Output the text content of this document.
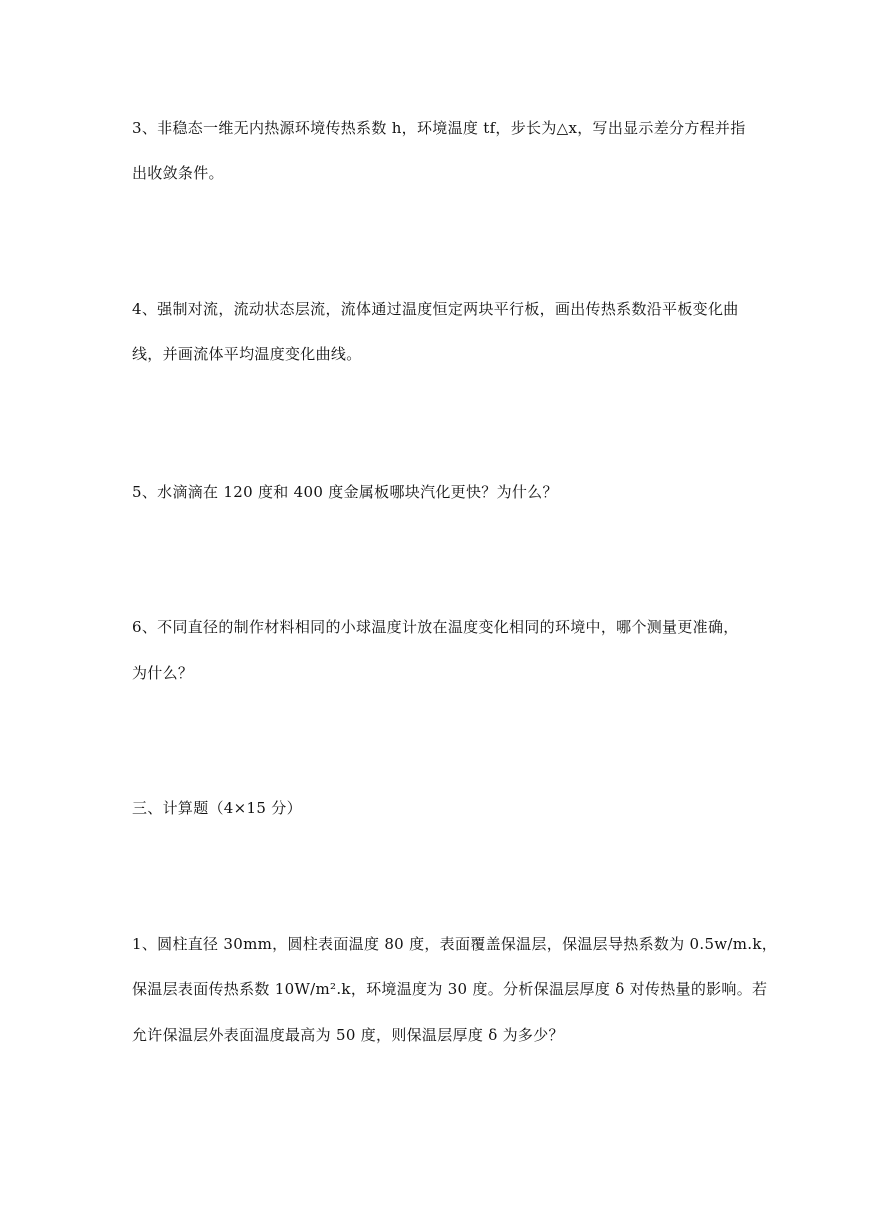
3、非稳态一维无内热源环境传热系数 h，环境温度 tf，步长为△x，写出显示差分方程并指
出收敛条件。
4、强制对流，流动状态层流，流体通过温度恒定两块平行板，画出传热系数沿平板变化曲
线，并画流体平均温度变化曲线。
5、水滴滴在 120 度和 400 度金属板哪块汽化更快？为什么？
6、不同直径的制作材料相同的小球温度计放在温度变化相同的环境中，哪个测量更准确，
为什么？
三、计算题（4×15 分）
1、圆柱直径 30mm，圆柱表面温度 80 度，表面覆盖保温层，保温层导热系数为 0.5w/m.k，
保温层表面传热系数 10W/m².k，环境温度为 30 度。分析保温层厚度 δ 对传热量的影响。若
允许保温层外表面温度最高为 50 度，则保温层厚度 δ 为多少？
